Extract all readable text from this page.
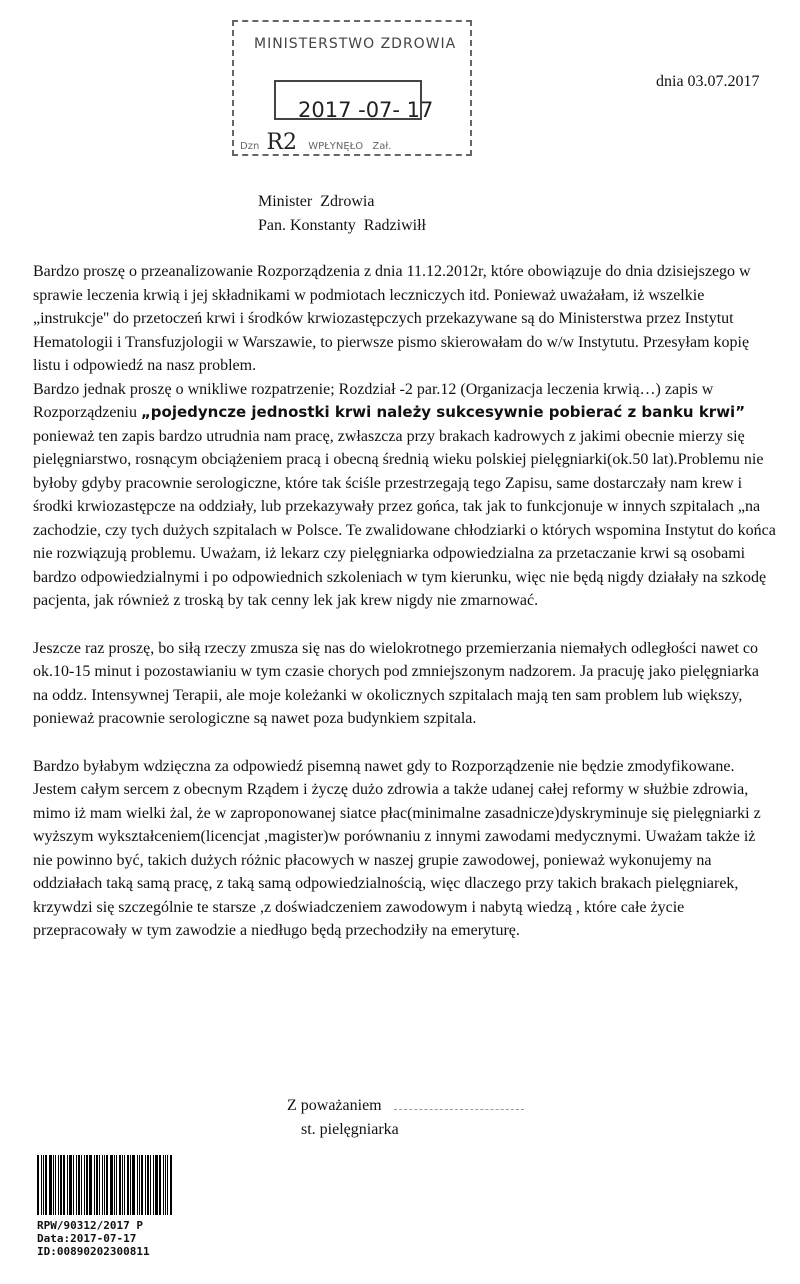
MINISTERSTWO ZDROWIA
2017 -07- 17
Dzn R2 WPŁYNĘŁO Zał.
dnia 03.07.2017
Minister  Zdrowia
Pan. Konstanty  Radziwiłł

Bardzo proszę o przeanalizowanie Rozporządzenia z dnia 11.12.2012r, które obowiązuje do dnia dzisiejszego w sprawie leczenia krwią i jej składnikami w podmiotach leczniczych itd. Ponieważ uważałam, iż wszelkie „instrukcje'' do przetoczeń krwi i środków krwiozastępczych przekazywane są do Ministerstwa przez Instytut Hematologii i Transfuzjologii w Warszawie, to pierwsze pismo skierowałam do w/w Instytutu. Przesyłam kopię listu i odpowiedź na nasz problem.

Bardzo jednak proszę o wnikliwe rozpatrzenie; Rozdział -2 par.12 (Organizacja leczenia krwią…) zapis w Rozporządzeniu „pojedyncze jednostki krwi należy sukcesywnie pobierać z banku krwi” ponieważ ten zapis bardzo utrudnia nam pracę, zwłaszcza przy brakach kadrowych z jakimi obecnie mierzy się pielęgniarstwo, rosnącym obciążeniem pracą i obecną średnią wieku polskiej pielęgniarki(ok.50 lat).Problemu nie byłoby gdyby pracownie serologiczne, które tak ściśle przestrzegają tego Zapisu, same dostarczały nam krew i środki krwiozastępcze na oddziały, lub przekazywały przez gońca, tak jak to funkcjonuje w innych szpitalach „na zachodzie, czy tych dużych szpitalach w Polsce. Te zwalidowane chłodziarki o których wspomina Instytut do końca nie rozwiązują problemu. Uważam, iż lekarz czy pielęgniarka odpowiedzialna za przetaczanie krwi są osobami bardzo odpowiedzialnymi i po odpowiednich szkoleniach w tym kierunku, więc nie będą nigdy działały na szkodę pacjenta, jak również z troską by tak cenny lek jak krew nigdy nie zmarnować.

Jeszcze raz proszę, bo siłą rzeczy zmusza się nas do wielokrotnego przemierzania niemałych odległości nawet co ok.10-15 minut i pozostawianiu w tym czasie chorych pod zmniejszonym nadzorem. Ja pracuję jako pielęgniarka na oddz. Intensywnej Terapii, ale moje koleżanki w okolicznych szpitalach mają ten sam problem lub większy, ponieważ pracownie serologiczne są nawet poza budynkiem szpitala.

Bardzo byłabym wdzięczna za odpowiedź pisemną nawet gdy to Rozporządzenie nie będzie zmodyfikowane. Jestem całym sercem z obecnym Rządem i życzę dużo zdrowia a także udanej całej reformy w służbie zdrowia, mimo iż mam wielki żal, że w zaproponowanej siatce płac(minimalne zasadnicze)dyskryminuje się pielęgniarki z wyższym wykształceniem(licencjat ,magister)w porównaniu z innymi zawodami medycznymi. Uważam także iż nie powinno być, takich dużych różnic płacowych w naszej grupie zawodowej, ponieważ wykonujemy na oddziałach taką samą pracę, z taką samą odpowiedzialnością, więc dlaczego przy takich brakach pielęgniarek, krzywdzi się szczególnie te starsze ,z doświadczeniem zawodowym i nabytą wiedzą , które całe życie przepracowały w tym zawodzie a niedługo będą przechodziły na emeryturę.

Z poważaniem
st. pielęgniarka
RPW/90312/2017 P
Data:2017-07-17
ID:00890202300811
